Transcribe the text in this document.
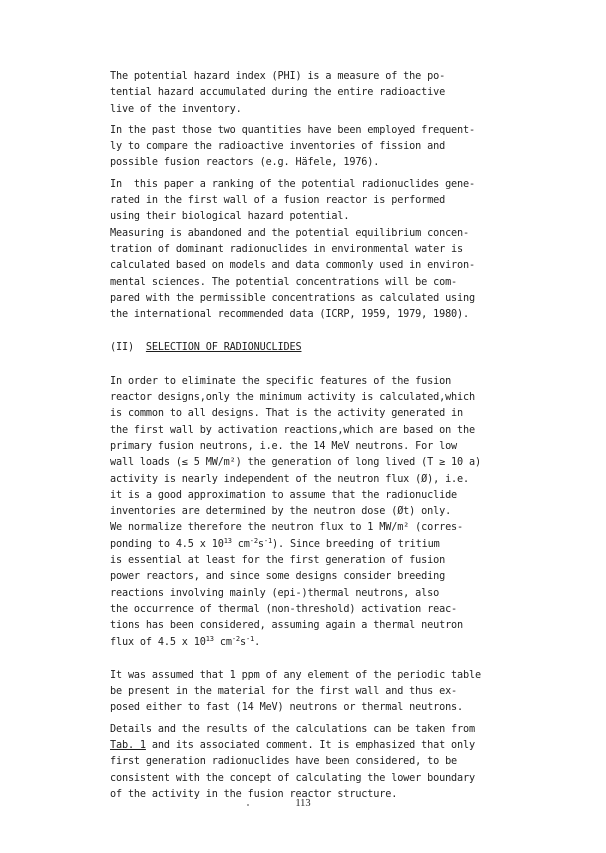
The potential hazard index (PHI) is a measure of the po-
tential hazard accumulated during the entire radioactive
live of the inventory.
In the past those two quantities have been employed frequent-
ly to compare the radioactive inventories of fission and
possible fusion reactors (e.g. Häfele, 1976).
In  this paper a ranking of the potential radionuclides gene-
rated in the first wall of a fusion reactor is performed
using their biological hazard potential.
Measuring is abandoned and the potential equilibrium concen-
tration of dominant radionuclides in environmental water is
calculated based on models and data commonly used in environ-
mental sciences. The potential concentrations will be com-
pared with the permissible concentrations as calculated using
the international recommended data (ICRP, 1959, 1979, 1980).
(II) SELECTION OF RADIONUCLIDES
In order to eliminate the specific features of the fusion
reactor designs,only the minimum activity is calculated,which
is common to all designs. That is the activity generated in
the first wall by activation reactions,which are based on the
primary fusion neutrons, i.e. the 14 MeV neutrons. For low
wall loads (≤ 5 MW/m²) the generation of long lived (T ≥ 10 a)
activity is nearly independent of the neutron flux (Ø), i.e.
it is a good approximation to assume that the radionuclide
inventories are determined by the neutron dose (Øt) only.
We normalize therefore the neutron flux to 1 MW/m² (corres-
ponding to 4.5 x $10^{13}$ $cm^{-2}s^{-1}$). Since breeding of tritium
is essential at least for the first generation of fusion
power reactors, and since some designs consider breeding
reactions involving mainly (epi-)thermal neutrons, also
the occurrence of thermal (non-threshold) activation reac-
tions has been considered, assuming again a thermal neutron
flux of 4.5 x $10^{13}$ $cm^{-2}s^{-1}$.
It was assumed that 1 ppm of any element of the periodic table
be present in the material for the first wall and thus ex-
posed either to fast (14 MeV) neutrons or thermal neutrons.
Details and the results of the calculations can be taken from
Tab. 1 and its associated comment. It is emphasized that only
first generation radionuclides have been considered, to be
consistent with the concept of calculating the lower boundary
of the activity in the fusion reactor structure.
113
